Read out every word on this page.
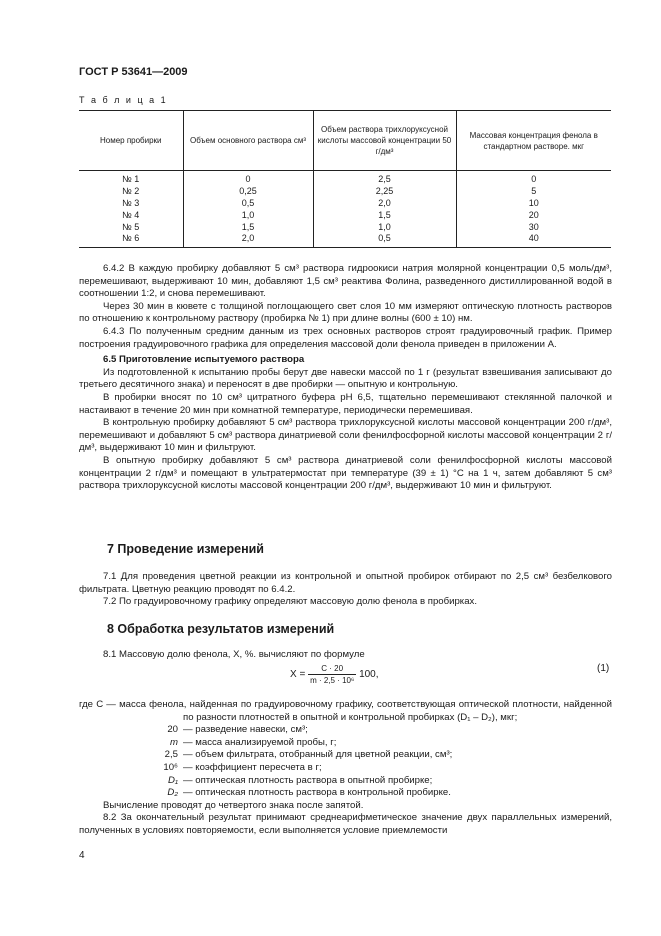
ГОСТ Р 53641—2009
Т а б л и ц а 1
Номер пробирки	Объем основного раствора см³	Объем раствора трихлоруксусной кислоты массовой концентрации 50 г/дм³	Массовая концентрация фенола в стандартном растворе. мкг
№ 1	0	2,5	0
№ 2	0,25	2,25	5
№ 3	0,5	2,0	10
№ 4	1,0	1,5	20
№ 5	1,5	1,0	30
№ 6	2,0	0,5	40

6.4.2 В каждую пробирку добавляют 5 см³ раствора гидроокиси натрия молярной концентрации 0,5 моль/дм³, перемешивают, выдерживают 10 мин, добавляют 1,5 см³ реактива Фолина, разведенного дистиллированной водой в соотношении 1:2, и снова перемешивают.

Через 30 мин в кювете с толщиной поглощающего свет слоя 10 мм измеряют оптическую плотность растворов по отношению к контрольному раствору (пробирка № 1) при длине волны (600 ± 10) нм.

6.4.3 По полученным средним данным из трех основных растворов строят градуировочный график. Пример построения градуировочного графика для определения массовой доли фенола приведен в приложении А.

6.5 Приготовление испытуемого раствора

Из подготовленной к испытанию пробы берут две навески массой по 1 г (результат взвешивания записывают до третьего десятичного знака) и переносят в две пробирки — опытную и контрольную.

В пробирки вносят по 10 см³ цитратного буфера рН 6,5, тщательно перемешивают стеклянной палочкой и настаивают в течение 20 мин при комнатной температуре, периодически перемешивая.

В контрольную пробирку добавляют 5 см³ раствора трихлоруксусной кислоты массовой концентрации 200 г/дм³, перемешивают и добавляют 5 см³ раствора динатриевой соли фенилфосфорной кислоты массовой концентрации 2 г/дм³, выдерживают 10 мин и фильтруют.

В опытную пробирку добавляют 5 см³ раствора динатриевой соли фенилфосфорной кислоты массовой концентрации 2 г/дм³ и помещают в ультратермостат при температуре (39 ± 1) °С на 1 ч, затем добавляют 5 см³ раствора трихлоруксусной кислоты массовой концентрации 200 г/дм³, выдерживают 10 мин и фильтруют.

7 Проведение измерений

7.1 Для проведения цветной реакции из контрольной и опытной пробирок отбирают по 2,5 см³ безбелкового фильтрата. Цветную реакцию проводят по 6.4.2.

7.2 По градуировочному графику определяют массовую долю фенола в пробирках.

8 Обработка результатов измерений

8.1 Массовую долю фенола, X, %. вычисляют по формуле

$X = \frac{C \cdot 20}{\text{m · 2,5 · 10⁶}} 100$,
(1)

где C — масса фенола, найденная по градуировочному графику, соответствующая оптической плотности, найденной по разности плотностей в опытной и контрольной пробирках (D₁ – D₂), мкг;

20 — разведение навески, см³;
m — масса анализируемой пробы, г;
2,5 — объем фильтрата, отобранный для цветной реакции, см³;
10⁶ — коэффициент пересчета в г;
D₁ — оптическая плотность раствора в опытной пробирке;
D₂ — оптическая плотность раствора в контрольной пробирке.

Вычисление проводят до четвертого знака после запятой.

8.2 За окончательный результат принимают среднеарифметическое значение двух параллельных измерений, полученных в условиях повторяемости, если выполняется условие приемлемости

4
